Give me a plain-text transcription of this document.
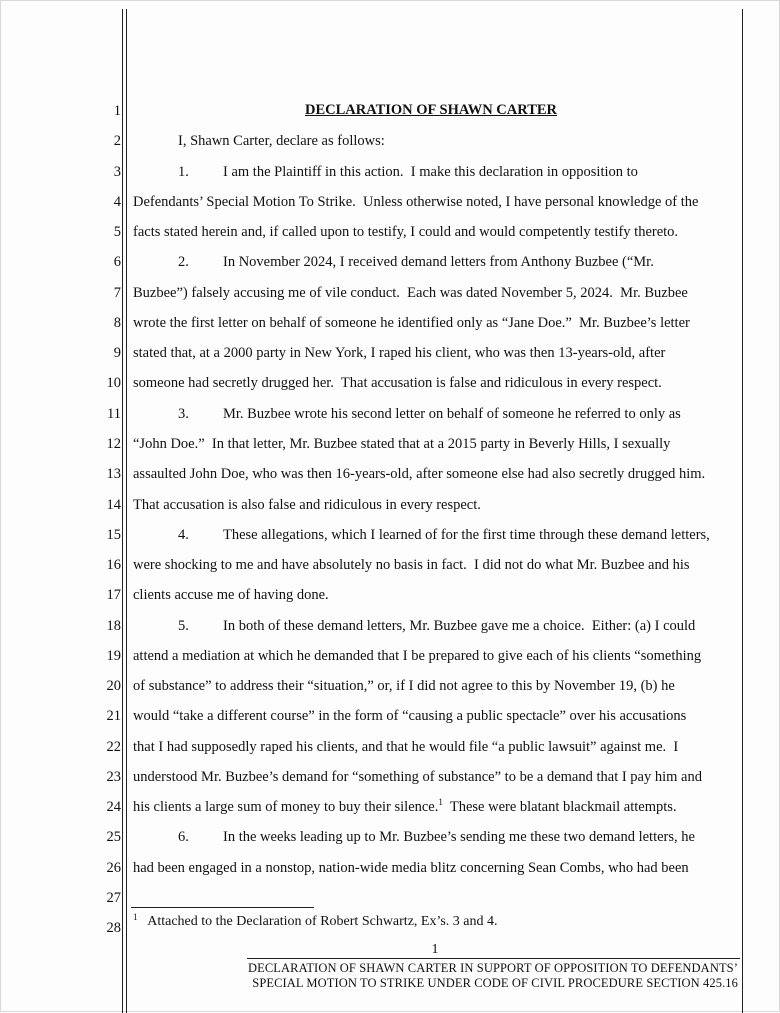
DECLARATION OF SHAWN CARTER
1
2	I, Shawn Carter, declare as follows:
3	1. I am the Plaintiff in this action.  I make this declaration in opposition to
4 Defendants’ Special Motion To Strike.  Unless otherwise noted, I have personal knowledge of the
5 facts stated herein and, if called upon to testify, I could and would competently testify thereto.
6	2. In November 2024, I received demand letters from Anthony Buzbee (“Mr.
7 Buzbee”) falsely accusing me of vile conduct.  Each was dated November 5, 2024.  Mr. Buzbee
8 wrote the first letter on behalf of someone he identified only as “Jane Doe.”  Mr. Buzbee’s letter
9 stated that, at a 2000 party in New York, I raped his client, who was then 13-years-old, after
10 someone had secretly drugged her.  That accusation is false and ridiculous in every respect.
11	3. Mr. Buzbee wrote his second letter on behalf of someone he referred to only as
12 “John Doe.”  In that letter, Mr. Buzbee stated that at a 2015 party in Beverly Hills, I sexually
13 assaulted John Doe, who was then 16-years-old, after someone else had also secretly drugged him.
14 That accusation is also false and ridiculous in every respect.
15	4. These allegations, which I learned of for the first time through these demand letters,
16 were shocking to me and have absolutely no basis in fact.  I did not do what Mr. Buzbee and his
17 clients accuse me of having done.
18	5. In both of these demand letters, Mr. Buzbee gave me a choice.  Either: (a) I could
19 attend a mediation at which he demanded that I be prepared to give each of his clients “something
20 of substance” to address their “situation,” or, if I did not agree to this by November 19, (b) he
21 would “take a different course” in the form of “causing a public spectacle” over his accusations
22 that I had supposedly raped his clients, and that he would file “a public lawsuit” against me.  I
23 understood Mr. Buzbee’s demand for “something of substance” to be a demand that I pay him and
24 his clients a large sum of money to buy their silence.$^1$  These were blatant blackmail attempts.
25	6. In the weeks leading up to Mr. Buzbee’s sending me these two demand letters, he
26 had been engaged in a nonstop, nation-wide media blitz concerning Sean Combs, who had been
27
28
$^1$ Attached to the Declaration of Robert Schwartz, Ex’s. 3 and 4.
1
DECLARATION OF SHAWN CARTER IN SUPPORT OF OPPOSITION TO DEFENDANTS’
SPECIAL MOTION TO STRIKE UNDER CODE OF CIVIL PROCEDURE SECTION 425.16
